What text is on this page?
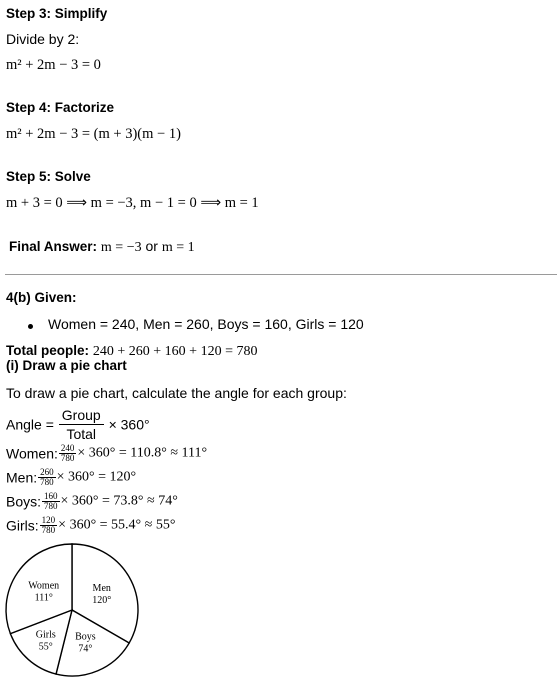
Step 3: Simplify
Divide by 2:
m² + 2m − 3 = 0
Step 4: Factorize
m² + 2m − 3 = (m + 3)(m − 1)
Step 5: Solve
m + 3 = 0 ⟹ m = −3, m − 1 = 0 ⟹ m = 1
Final Answer: m = −3 or m = 1
4(b) Given:
Women = 240, Men = 260, Boys = 160, Girls = 120
Total people: 240 + 260 + 160 + 120 = 780
(i) Draw a pie chart
To draw a pie chart, calculate the angle for each group:
Angle = $\frac{\text{Group}}{\text{Total}} \times 360^\circ$
Women: $\frac{240}{780} \times 360^\circ = 110.8^\circ \approx 111^\circ$
Men: $\frac{260}{780} \times 360^\circ = 120^\circ$
Boys: $\frac{160}{780} \times 360^\circ = 73.8^\circ \approx 74^\circ$
Girls: $\frac{120}{780} \times 360^\circ = 55.4^\circ \approx 55^\circ$
Men
120°
Boys
74°
Girls
55°
Women
111°
